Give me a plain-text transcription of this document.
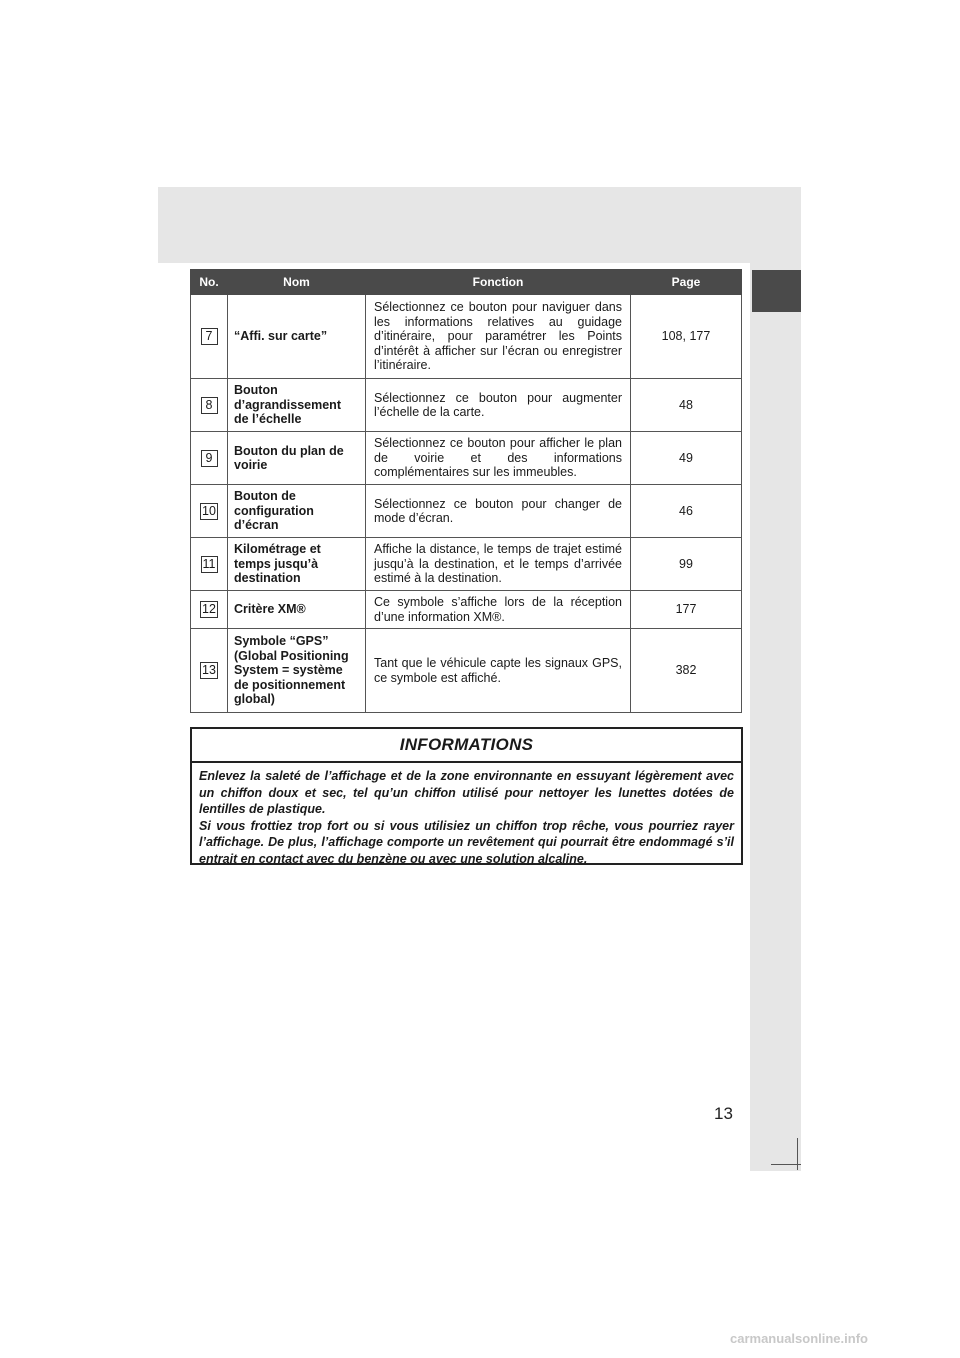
No.	Nom	Fonction	Page
7	“Affi. sur carte”	Sélectionnez ce bouton pour naviguer dans les informations relatives au guidage d’itinéraire, pour paramétrer les Points d’intérêt à afficher sur l’écran ou enregistrer l’itinéraire.	108, 177
8	Bouton d’agrandissement de l’échelle	Sélectionnez ce bouton pour augmenter l’échelle de la carte.	48
9	Bouton du plan de voirie	Sélectionnez ce bouton pour afficher le plan de voirie et des informations complémentaires sur les immeubles.	49
10	Bouton de configuration d’écran	Sélectionnez ce bouton pour changer de mode d’écran.	46
11	Kilométrage et temps jusqu’à destination	Affiche la distance, le temps de trajet estimé jusqu’à la destination, et le temps d’arrivée estimé à la destination.	99
12	Critère XM®	Ce symbole s’affiche lors de la réception d’une information XM®.	177
13	Symbole “GPS” (Global Positioning System = système de positionnement global)	Tant que le véhicule capte les signaux GPS, ce symbole est affiché.	382
INFORMATIONS

Enlevez la saleté de l’affichage et de la zone environnante en essuyant légèrement avec un chiffon doux et sec, tel qu’un chiffon utilisé pour nettoyer les lunettes dotées de lentilles de plastique.

Si vous frottiez trop fort ou si vous utilisiez un chiffon trop rêche, vous pourriez rayer l’affichage. De plus, l’affichage comporte un revêtement qui pourrait être endommagé s’il entrait en contact avec du benzène ou avec une solution alcaline.

13
carmanualsonline.info
